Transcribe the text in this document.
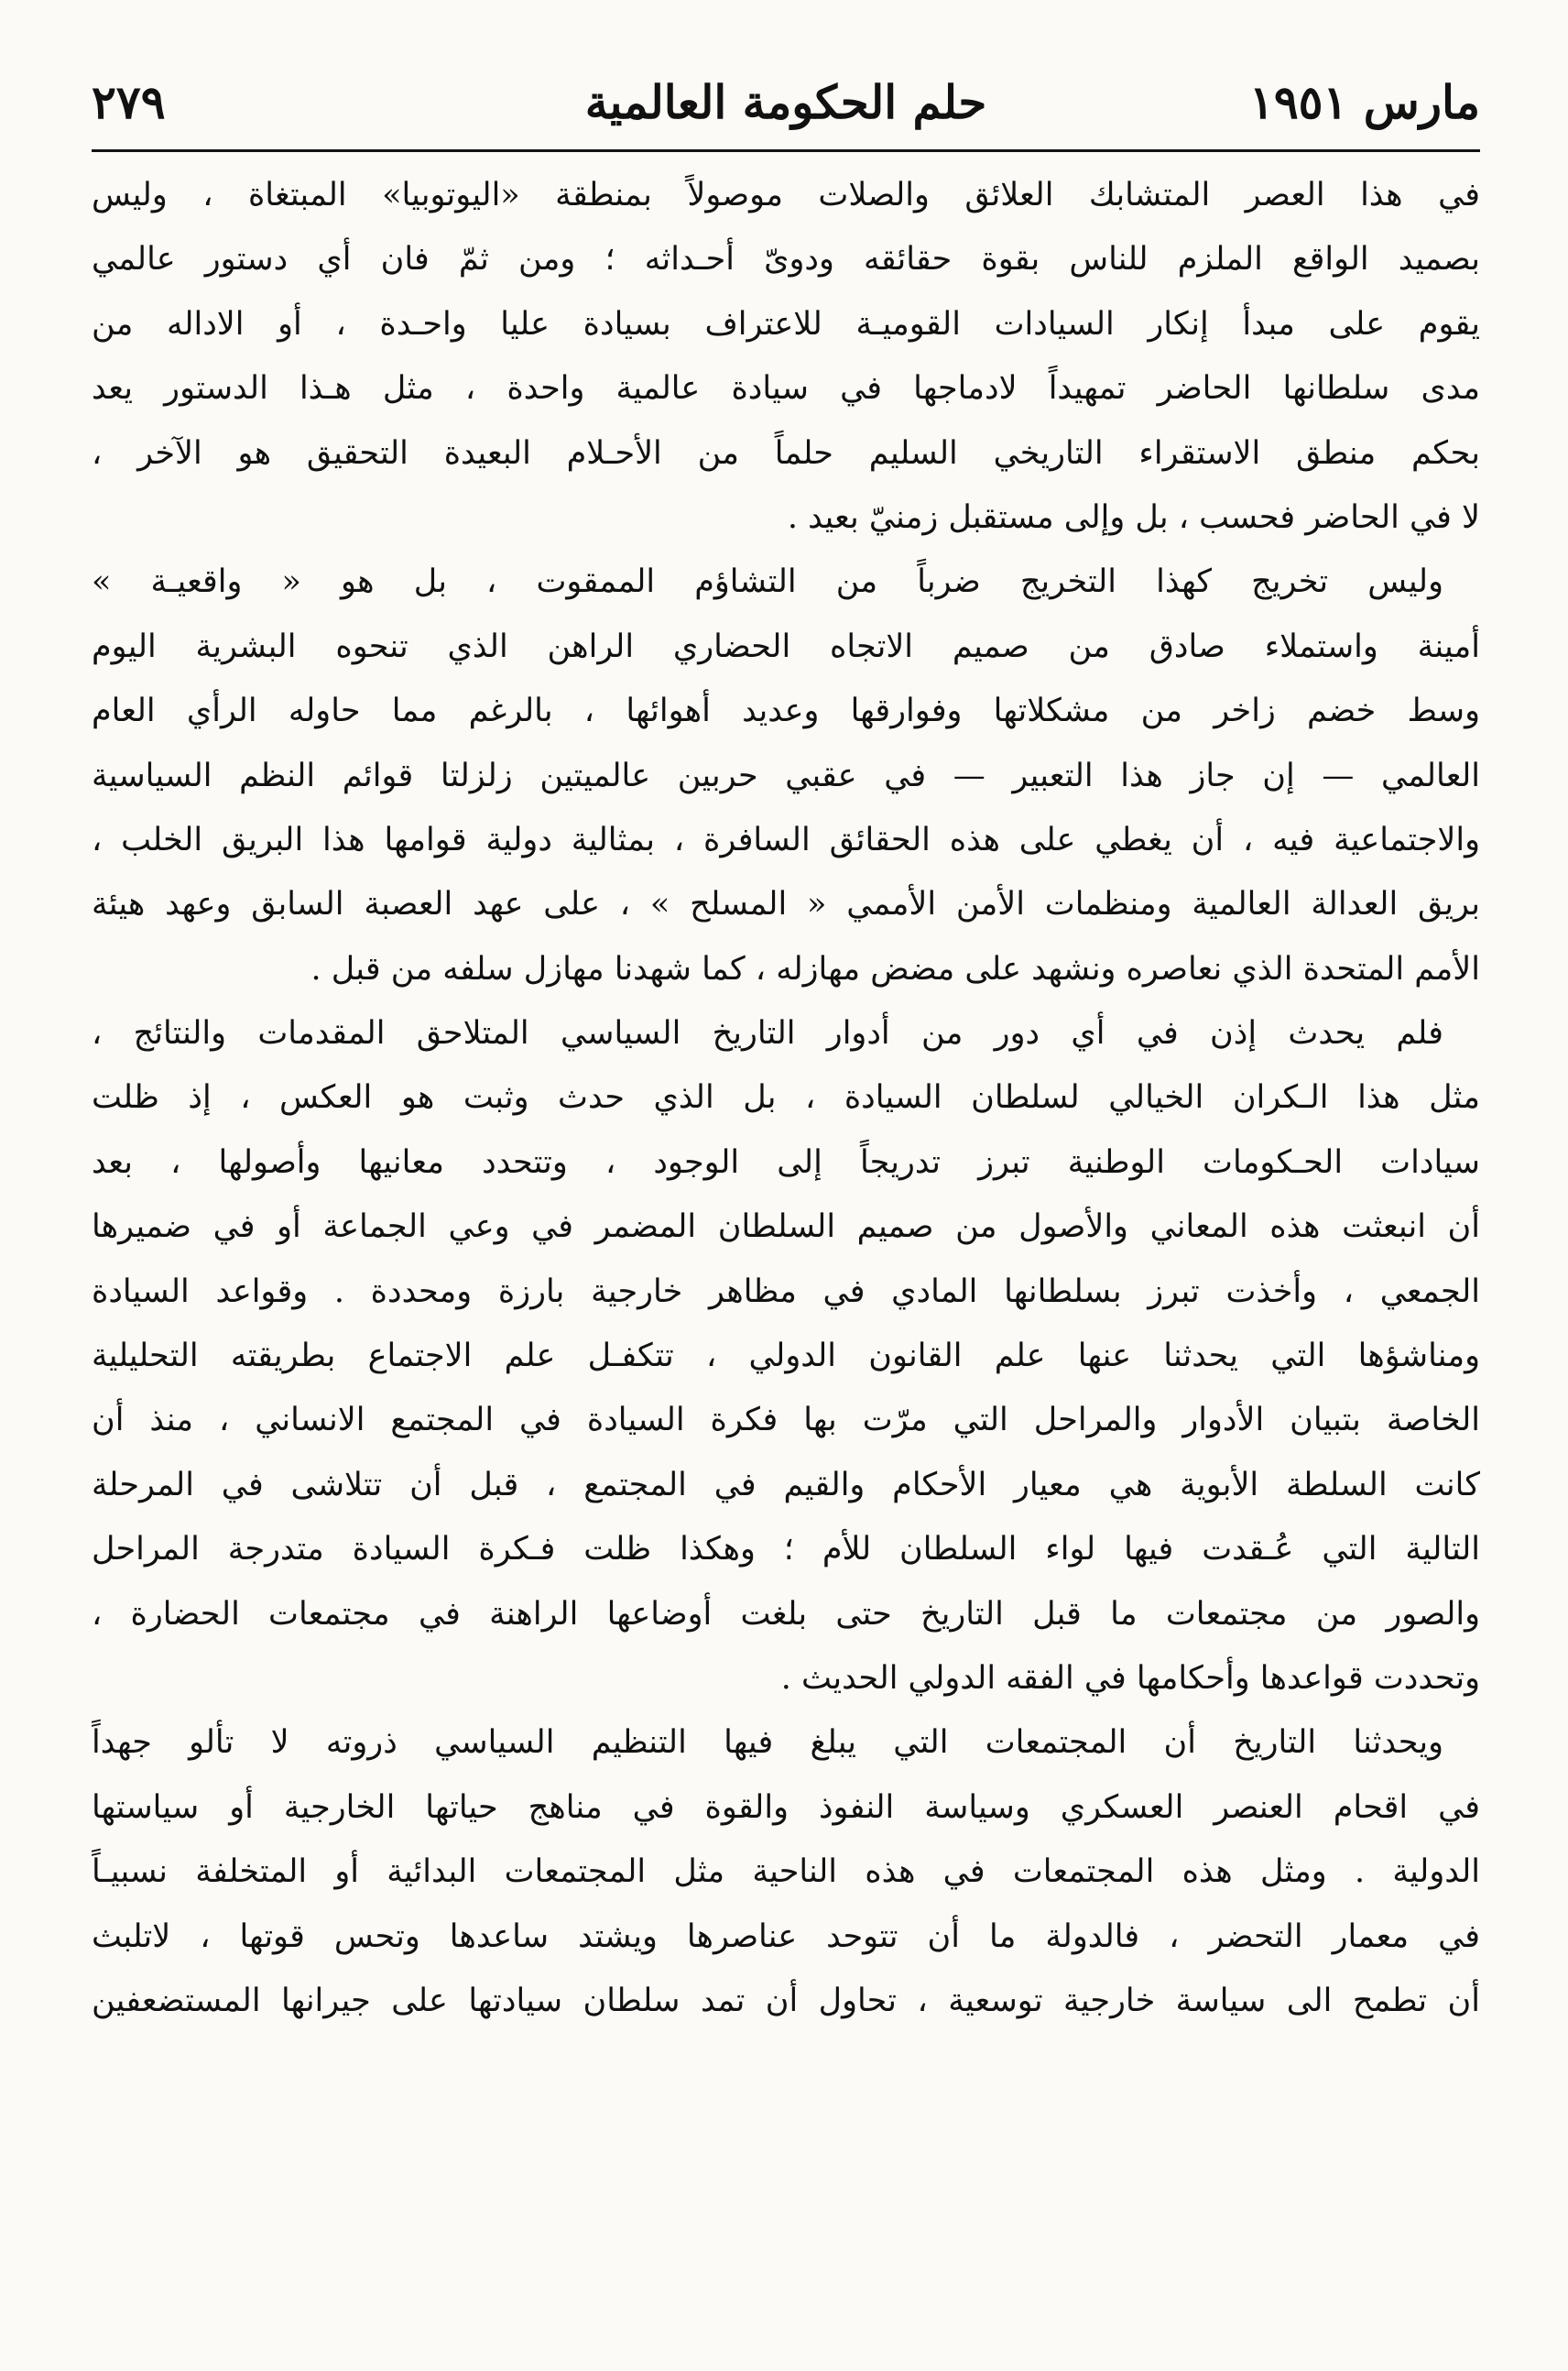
مارس ١٩٥١
حلم الحكومة العالمية
٢٧٩
في هذا العصر المتشابك العلائق والصلات موصولاً بمنطقة «اليوتوبيا» المبتغاة ، وليس
بصميد الواقع الملزم للناس بقوة حقائقه ودوىّ أحـداثه ؛ ومن ثمّ فان أي دستور عالمي
يقوم على مبدأ إنكار السيادات القوميـة للاعتراف بسيادة عليا واحـدة ، أو الاداله من
مدى سلطانها الحاضر تمهيداً لادماجها في سيادة عالمية واحدة ، مثل هـذا الدستور يعد
بحكم منطق الاستقراء التاريخي السليم حلماً من الأحـلام البعيدة التحقيق هو الآخر ،
لا في الحاضر فحسب ، بل وإلى مستقبل زمنيّ بعيد .
وليس تخريج كهذا التخريج ضرباً من التشاؤم الممقوت ، بل هو « واقعيـة »
أمينة واستملاء صادق من صميم الاتجاه الحضاري الراهن الذي تنحوه البشرية اليوم
وسط خضم زاخر من مشكلاتها وفوارقها وعديد أهوائها ، بالرغم مما حاوله الرأي العام
العالمي — إن جاز هذا التعبير — في عقبي حربين عالميتين زلزلتا قوائم النظم السياسية
والاجتماعية فيه ، أن يغطي على هذه الحقائق السافرة ، بمثالية دولية قوامها هذا البريق الخلب ،
بريق العدالة العالمية ومنظمات الأمن الأممي « المسلح » ، على عهد العصبة السابق وعهد هيئة
الأمم المتحدة الذي نعاصره ونشهد على مضض مهازله ، كما شهدنا مهازل سلفه من قبل .
فلم يحدث إذن في أي دور من أدوار التاريخ السياسي المتلاحق المقدمات والنتائج ،
مثل هذا الـكران الخيالي لسلطان السيادة ، بل الذي حدث وثبت هو العكس ، إذ ظلت
سيادات الحـكومات الوطنية تبرز تدريجاً إلى الوجود ، وتتحدد معانيها وأصولها ، بعد
أن انبعثت هذه المعاني والأصول من صميم السلطان المضمر في وعي الجماعة أو في ضميرها
الجمعي ، وأخذت تبرز بسلطانها المادي في مظاهر خارجية بارزة ومحددة . وقواعد السيادة
ومناشؤها التي يحدثنا عنها علم القانون الدولي ، تتكفـل علم الاجتماع بطريقته التحليلية
الخاصة بتبيان الأدوار والمراحل التي مرّت بها فكرة السيادة في المجتمع الانساني ، منذ أن
كانت السلطة الأبوية هي معيار الأحكام والقيم في المجتمع ، قبل أن تتلاشى في المرحلة
التالية التي عُـقدت فيها لواء السلطان للأم ؛ وهكذا ظلت فـكرة السيادة متدرجة المراحل
والصور من مجتمعات ما قبل التاريخ حتى بلغت أوضاعها الراهنة في مجتمعات الحضارة ،
وتحددت قواعدها وأحكامها في الفقه الدولي الحديث .
ويحدثنا التاريخ أن المجتمعات التي يبلغ فيها التنظيم السياسي ذروته لا تألو جهداً
في اقحام العنصر العسكري وسياسة النفوذ والقوة في مناهج حياتها الخارجية أو سياستها
الدولية . ومثل هذه المجتمعات في هذه الناحية مثل المجتمعات البدائية أو المتخلفة نسبيـاً
في معمار التحضر ، فالدولة ما أن تتوحد عناصرها ويشتد ساعدها وتحس قوتها ، لاتلبث
أن تطمح الى سياسة خارجية توسعية ، تحاول أن تمد سلطان سيادتها على جيرانها المستضعفين
